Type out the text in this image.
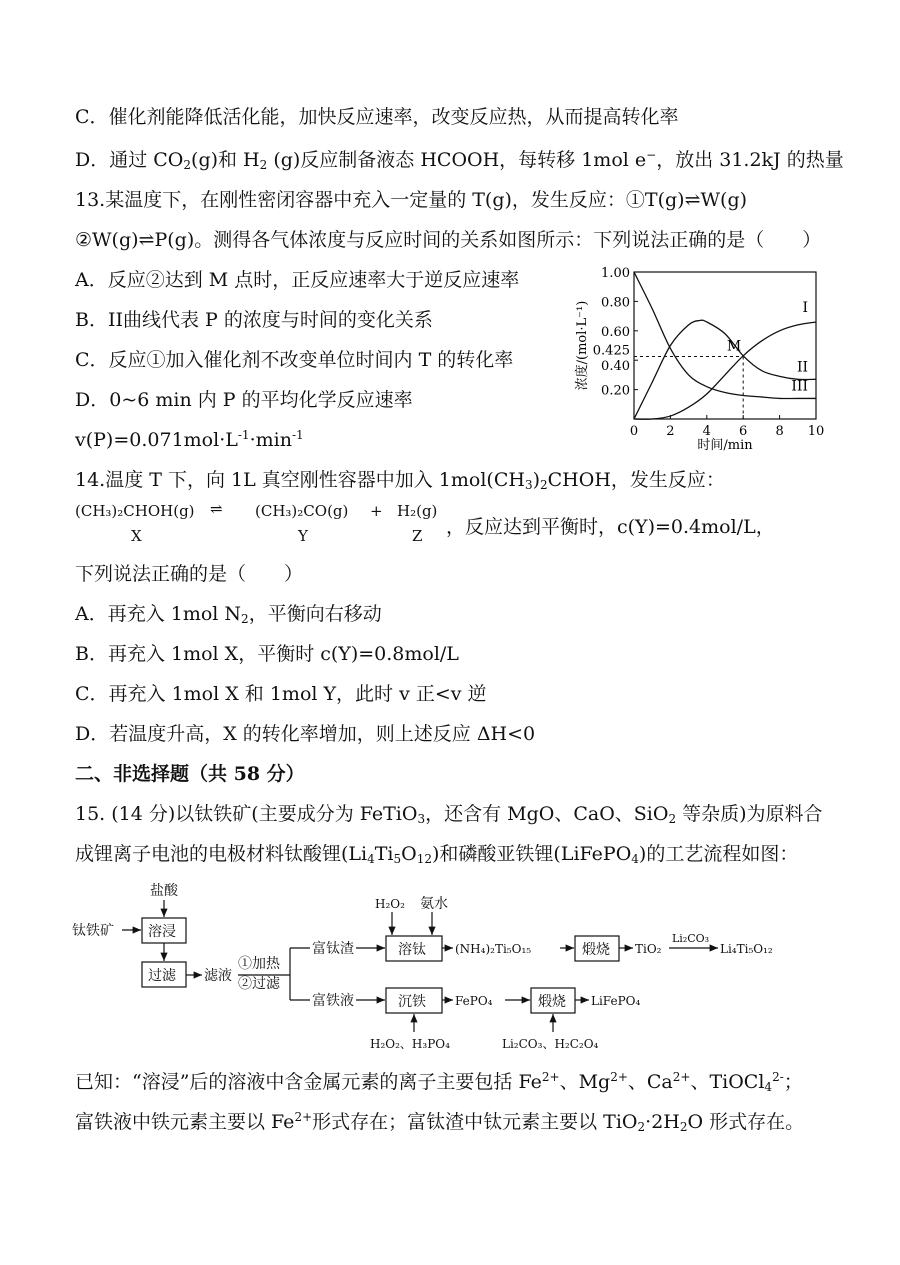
C．催化剂能降低活化能，加快反应速率，改变反应热，从而提高转化率
D．通过 $CO_2(g)$和 $H_2$ (g)反应制备液态 HCOOH，每转移 1mol e−，放出 31.2kJ 的热量
13.某温度下，在刚性密闭容器中充入一定量的 T(g)，发生反应：①T(g)⇌W(g)
②W(g)⇌P(g)。测得各气体浓度与反应时间的关系如图所示：下列说法正确的是（　　）
A．反应②达到 M 点时，正反应速率大于逆反应速率
B．II曲线代表 P 的浓度与时间的变化关系
C．反应①加入催化剂不改变单位时间内 T 的转化率
D．0~6 min 内 P 的平均化学反应速率
$v(P)=0.071mol\cdot L^{-1}\cdot\min^{-1}$	0 2 4 6 8 10
0.20
0.40
0.425
0.60
0.80
1.00
I
II
III
M
时间/min
浓度/(mol·L⁻¹)
14.温度 T 下，向 1L 真空刚性容器中加入 $1mol(CH_3)_2CHOH$，发生反应：
(CH₃)₂CHOH(g) ⇌ (CH₃)₂CO(g) + H₂(g)
X	Y	Z ，反应达到平衡时，c(Y)=0.4mol/L，
下列说法正确的是（　　）
A．再充入 1mol $N_2$，平衡向右移动
B．再充入 1mol X，平衡时 c(Y)=0.8mol/L
C．再充入 1mol X 和 1mol Y，此时 v 正<v 逆
D．若温度升高，X 的转化率增加，则上述反应 ΔH<0
二、非选择题（共 58 分）
15. (14 分)以钛铁矿(主要成分为 FeTiO$_3$，还含有 MgO、CaO、SiO$_2$ 等杂质)为原料合
成锂离子电池的电极材料钛酸锂$(Li_4Ti_5O_{12})$和磷酸亚铁锂(LiFePO$_4$)的工艺流程如图：
盐酸
钛铁矿 溶浸
过滤 滤液
①加热
②过滤
富钛渣
富铁液
H₂O₂ 氨水
溶钛 (NH₄)₂Ti₅O₁₅	煅烧 TiO₂
Li₂CO₃
Li₄Ti₅O₁₂
沉铁 FePO₄	煅烧 LiFePO₄
H₂O₂、H₃PO₄	Li₂CO₃、H₂C₂O₄
已知：“溶浸”后的溶液中含金属元素的离子主要包括 $Fe^{2+}$、$Mg^{2+}$、$Ca^{2+}$、TiOCl$_4^{2-}$；
富铁液中铁元素主要以 $Fe^{2+}$形式存在；富钛渣中钛元素主要以 $TiO_2\cdot 2H_2O$ 形式存在。
